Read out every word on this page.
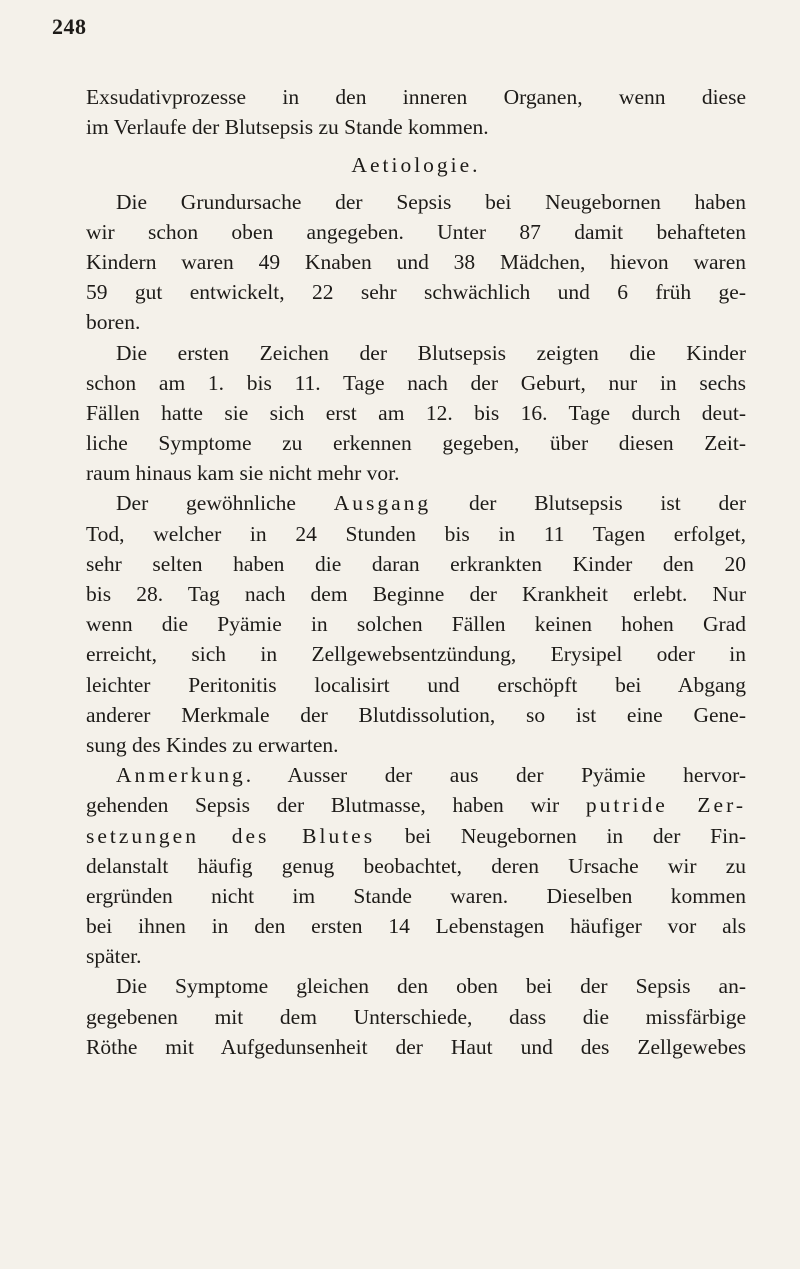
248
Exsudativprozesse in den inneren Organen, wenn diese
im Verlaufe der Blutsepsis zu Stande kommen.
Aetiologie.
Die Grundursache der Sepsis bei Neugebornen haben
wir schon oben angegeben. Unter 87 damit behafteten
Kindern waren 49 Knaben und 38 Mädchen, hievon waren
59 gut entwickelt, 22 sehr schwächlich und 6 früh ge-
boren.
Die ersten Zeichen der Blutsepsis zeigten die Kinder
schon am 1. bis 11. Tage nach der Geburt, nur in sechs
Fällen hatte sie sich erst am 12. bis 16. Tage durch deut-
liche Symptome zu erkennen gegeben, über diesen Zeit-
raum hinaus kam sie nicht mehr vor.
Der gewöhnliche Ausgang der Blutsepsis ist der
Tod, welcher in 24 Stunden bis in 11 Tagen erfolget,
sehr selten haben die daran erkrankten Kinder den 20
bis 28. Tag nach dem Beginne der Krankheit erlebt. Nur
wenn die Pyämie in solchen Fällen keinen hohen Grad
erreicht, sich in Zellgewebsentzündung, Erysipel oder in
leichter Peritonitis localisirt und erschöpft bei Abgang
anderer Merkmale der Blutdissolution, so ist eine Gene-
sung des Kindes zu erwarten.
Anmerkung. Ausser der aus der Pyämie hervor-
gehenden Sepsis der Blutmasse, haben wir putride Zer-
setzungen des Blutes bei Neugebornen in der Fin-
delanstalt häufig genug beobachtet, deren Ursache wir zu
ergründen nicht im Stande waren. Dieselben kommen
bei ihnen in den ersten 14 Lebenstagen häufiger vor als
später.
Die Symptome gleichen den oben bei der Sepsis an-
gegebenen mit dem Unterschiede, dass die missfärbige
Röthe mit Aufgedunsenheit der Haut und des Zellgewebes
